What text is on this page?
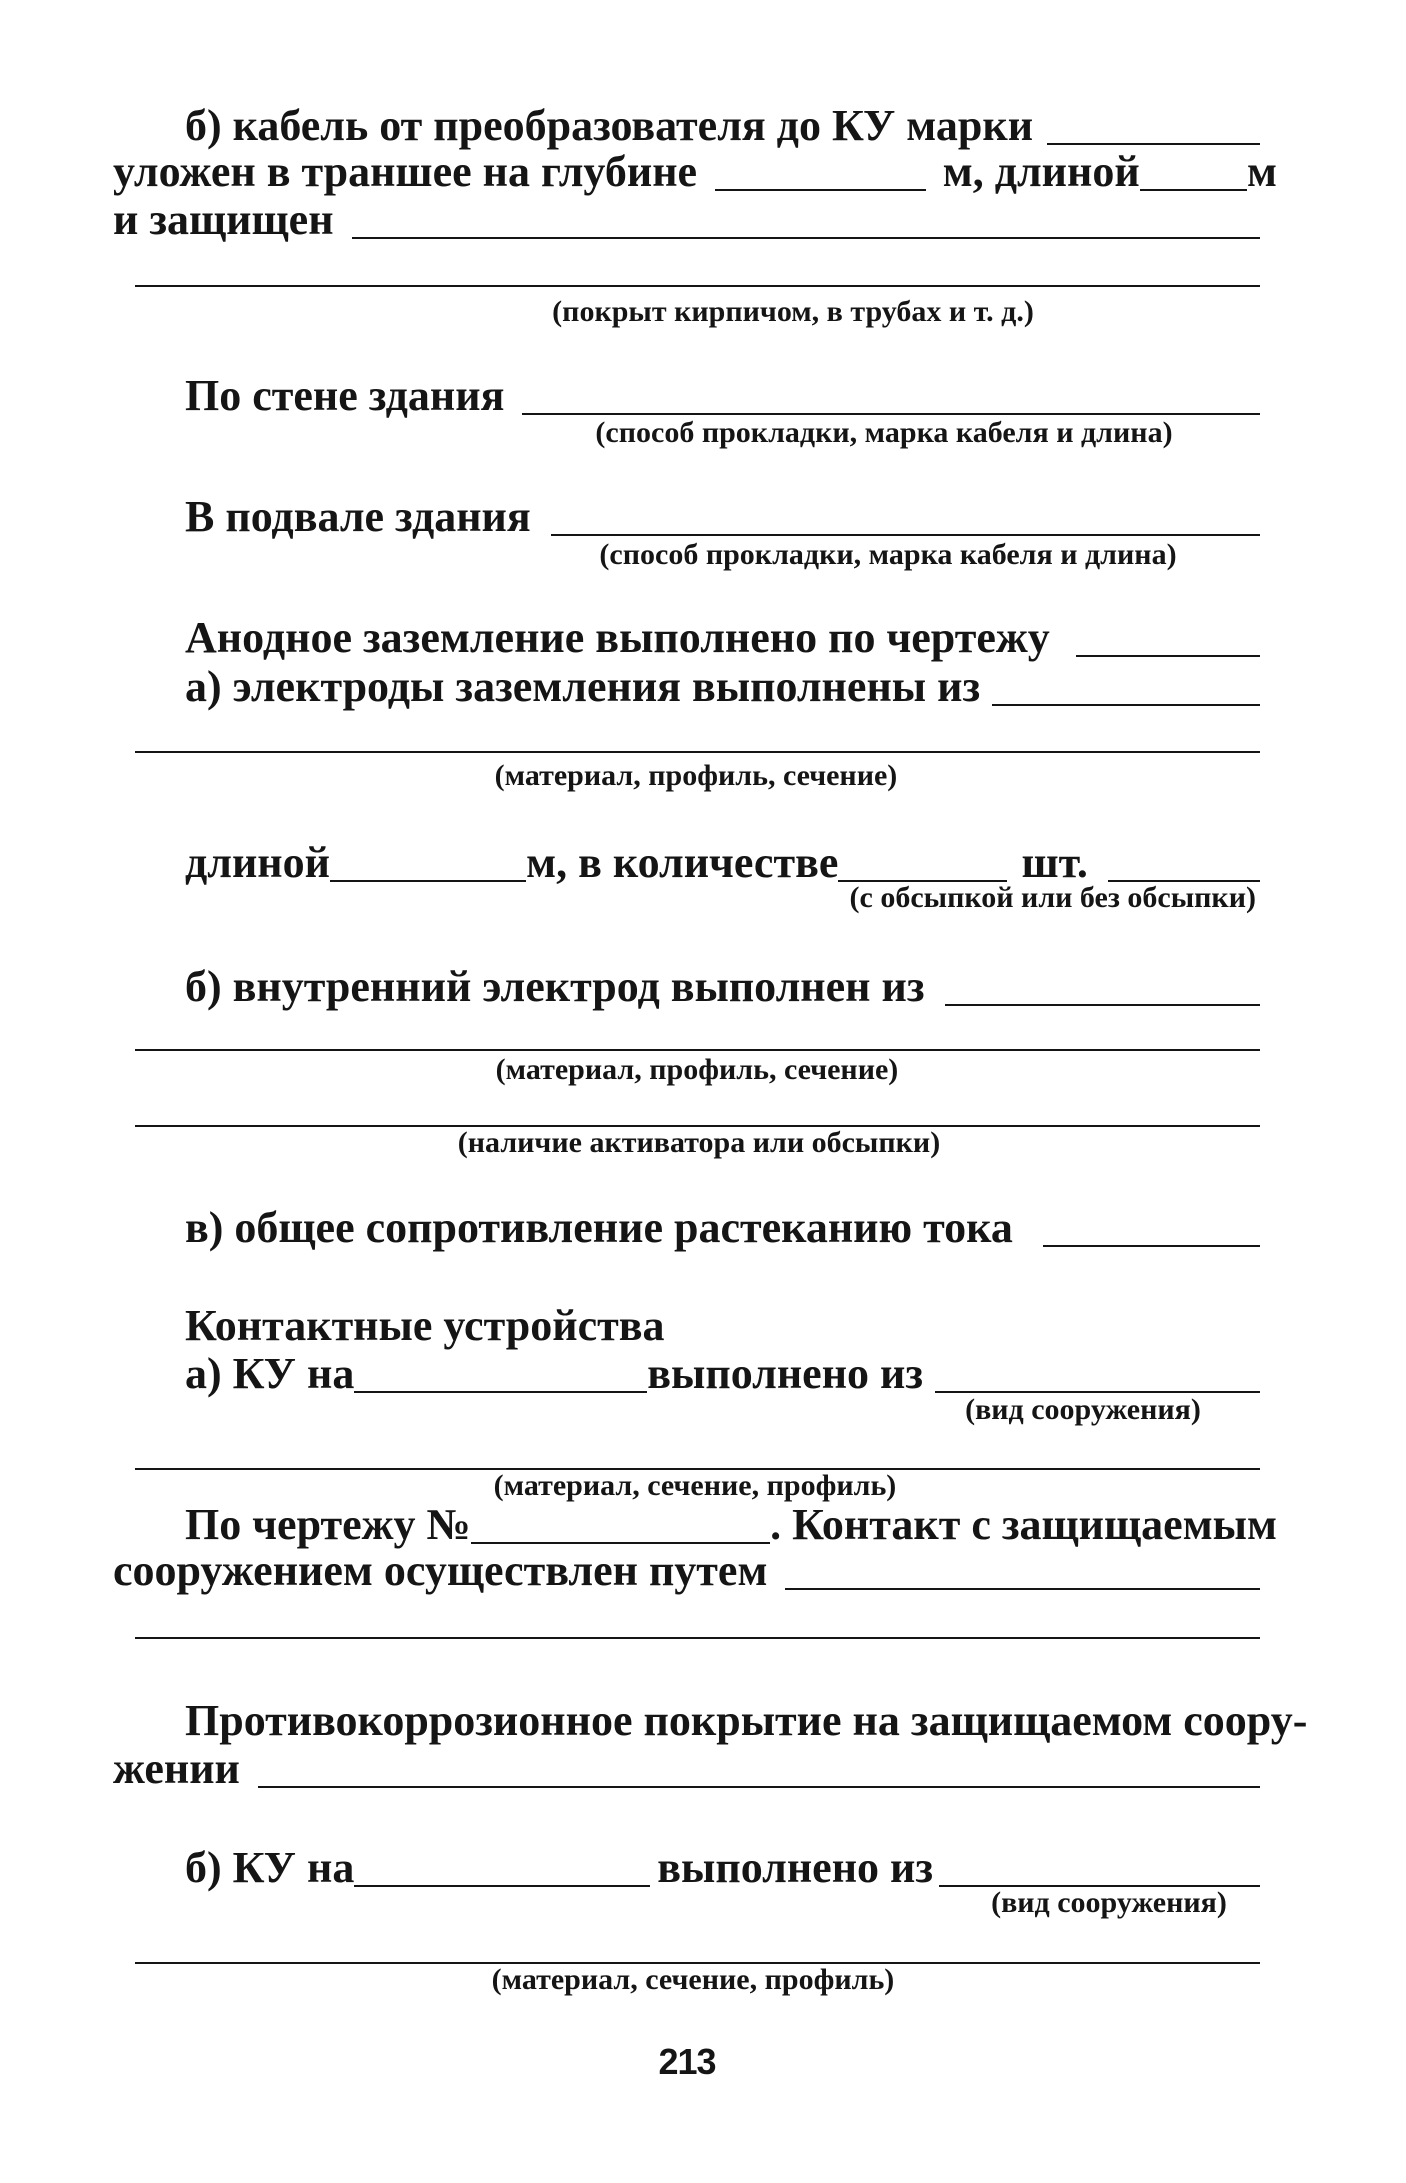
б) кабель от преобразователя до КУ марки
уложен в траншее на глубине	м, длиной м
и защищен
(покрыт кирпичом, в трубах и т. д.)
По стене здания
(способ прокладки, марка кабеля и длина)
В подвале здания
(способ прокладки, марка кабеля и длина)
Анодное заземление выполнено по чертежу
а) электроды заземления выполнены из
(материал, профиль, сечение)
длиной	м, в количестве	шт.
(с обсыпкой или без обсыпки)
б) внутренний электрод выполнен из
(материал, профиль, сечение)
(наличие активатора или обсыпки)
в) общее сопротивление растеканию тока
Контактные устройства
а) КУ на	выполнено из
(вид сооружения)
(материал, сечение, профиль)
По чертежу №	. Контакт с защищаемым
сооружением осуществлен путем
Противокоррозионное покрытие на защищаемом соору-
жении
б) КУ на	выполнено из
(вид сооружения)
(материал, сечение, профиль)
213
